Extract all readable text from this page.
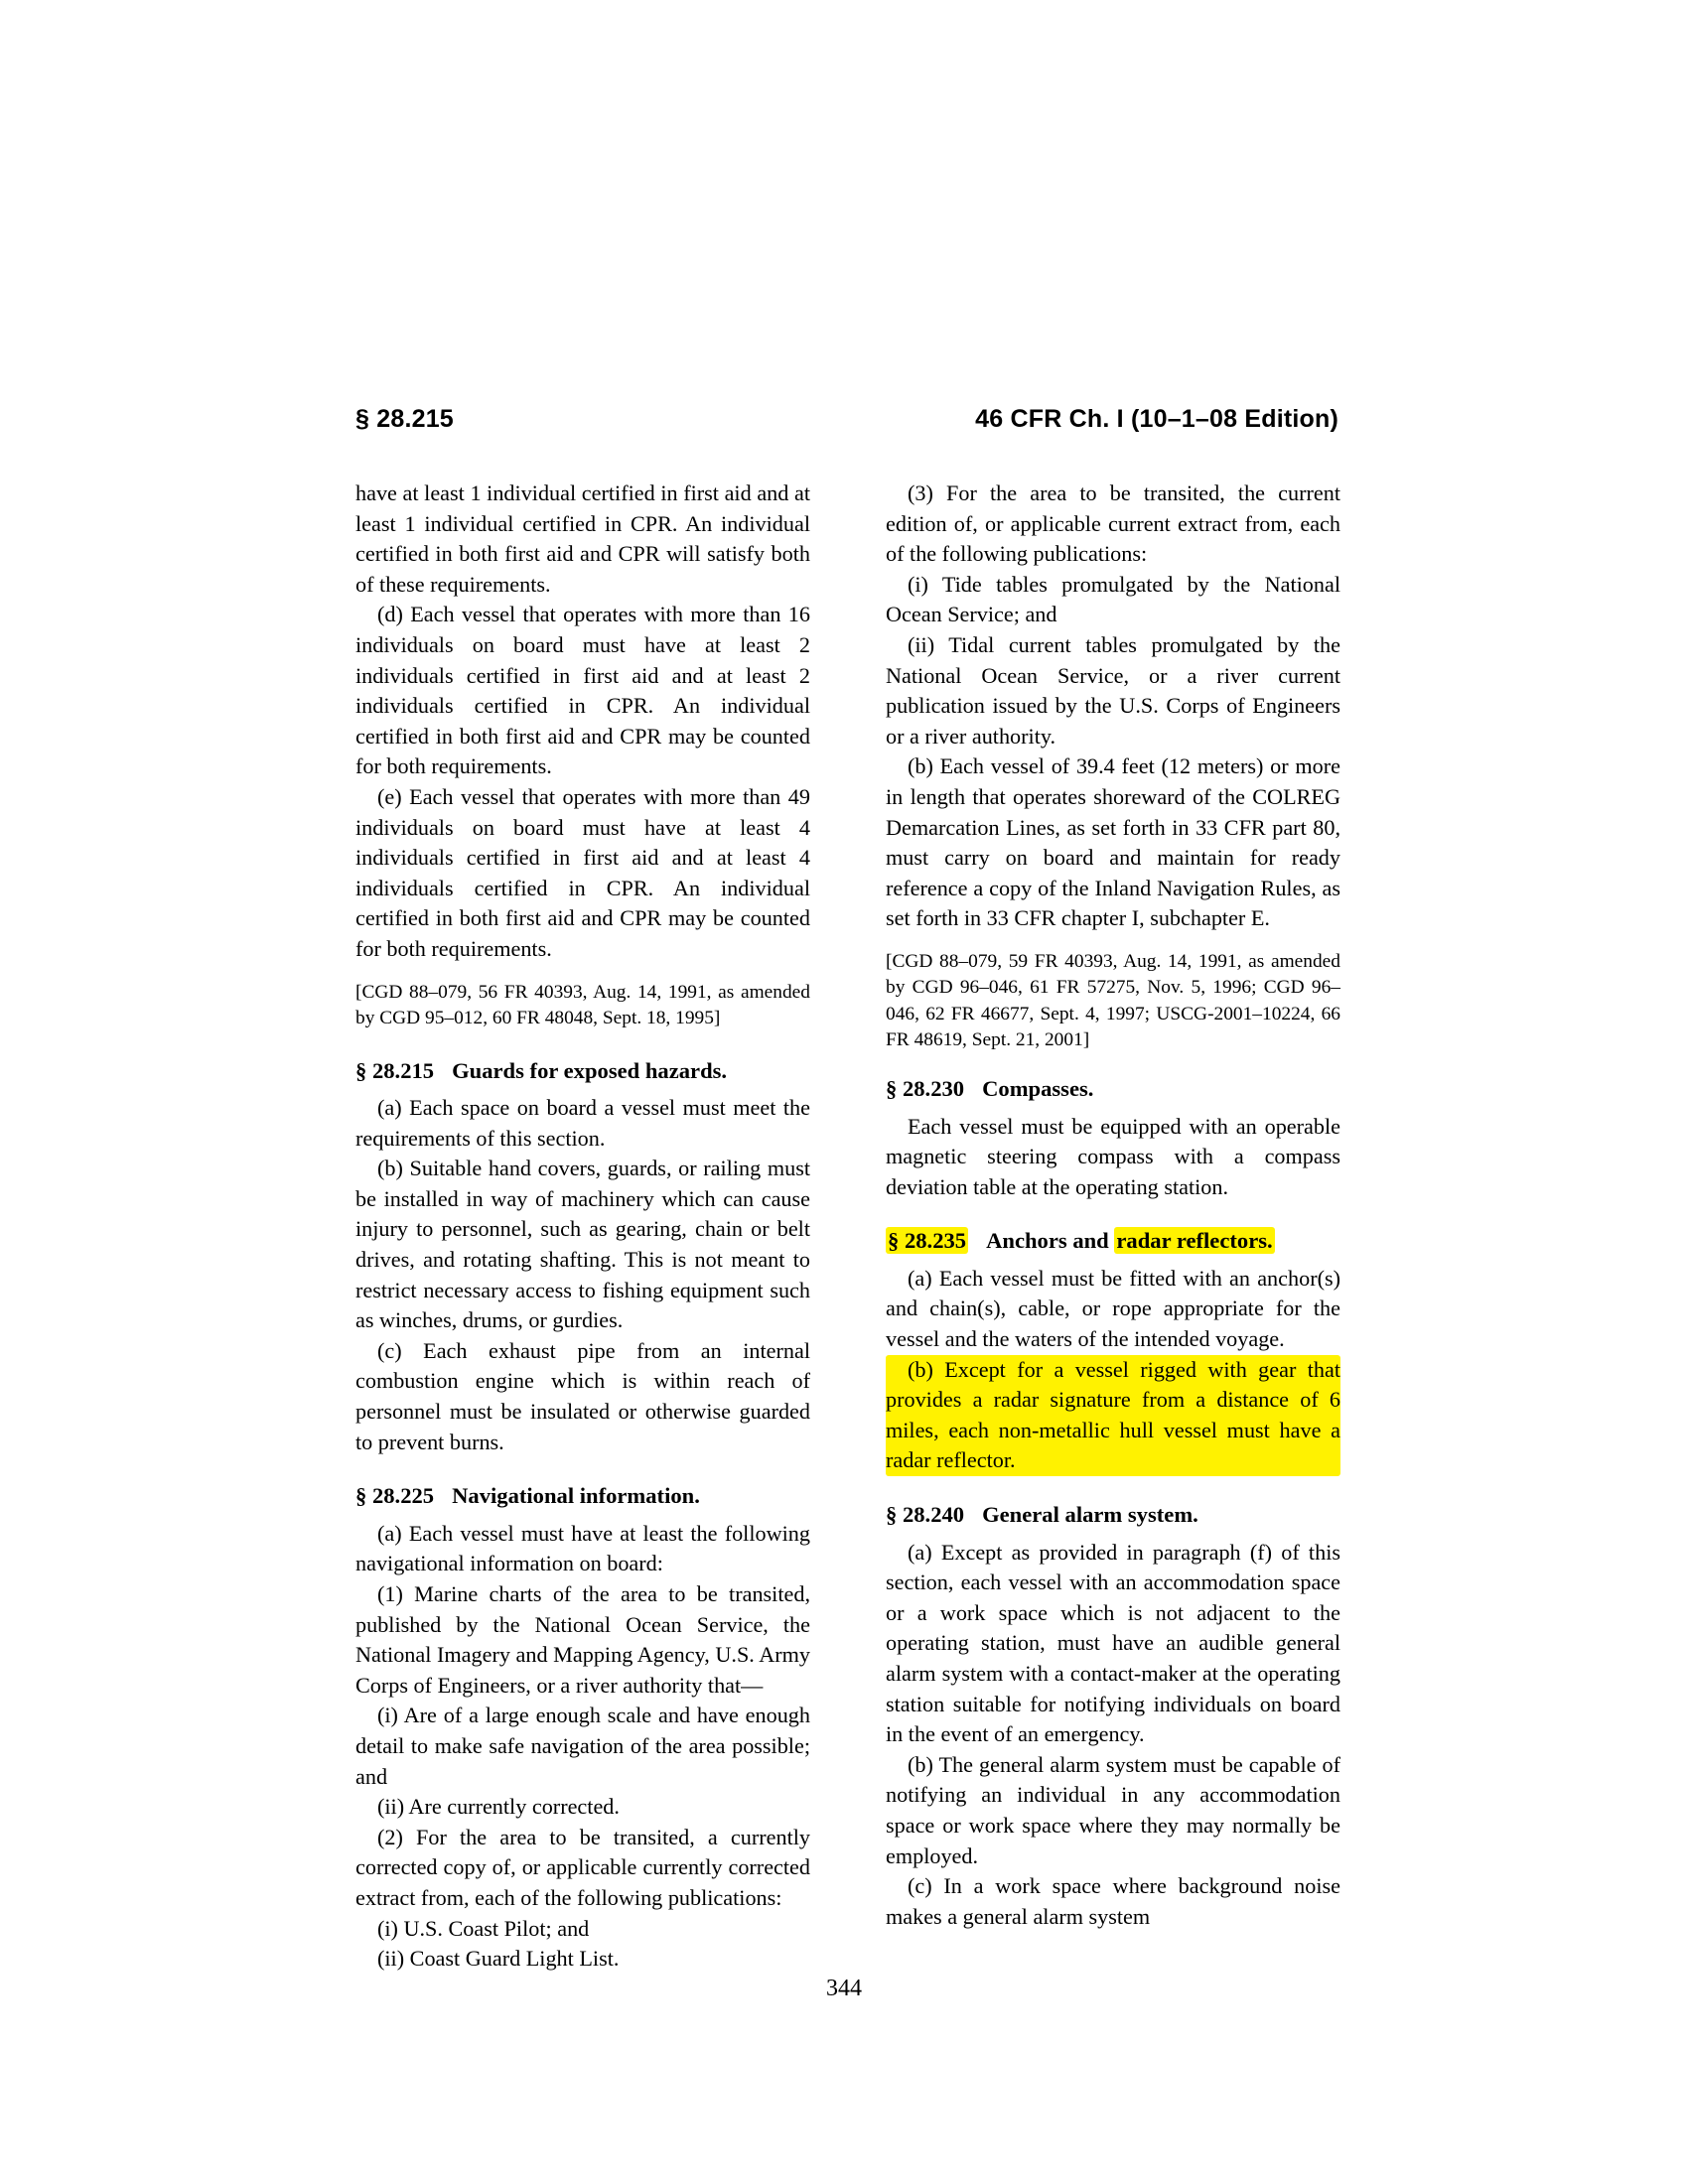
§ 28.215	46 CFR Ch. I (10–1–08 Edition)

have at least 1 individual certified in first aid and at least 1 individual certified in CPR. An individual certified in both first aid and CPR will satisfy both of these requirements.

(d) Each vessel that operates with more than 16 individuals on board must have at least 2 individuals certified in first aid and at least 2 individuals certified in CPR. An individual certified in both first aid and CPR may be counted for both requirements.

(e) Each vessel that operates with more than 49 individuals on board must have at least 4 individuals certified in first aid and at least 4 individuals certified in CPR. An individual certified in both first aid and CPR may be counted for both requirements.

[CGD 88–079, 56 FR 40393, Aug. 14, 1991, as amended by CGD 95–012, 60 FR 48048, Sept. 18, 1995]

§ 28.215 Guards for exposed hazards.

(a) Each space on board a vessel must meet the requirements of this section.

(b) Suitable hand covers, guards, or railing must be installed in way of machinery which can cause injury to personnel, such as gearing, chain or belt drives, and rotating shafting. This is not meant to restrict necessary access to fishing equipment such as winches, drums, or gurdies.

(c) Each exhaust pipe from an internal combustion engine which is within reach of personnel must be insulated or otherwise guarded to prevent burns.

§ 28.225 Navigational information.

(a) Each vessel must have at least the following navigational information on board:

(1) Marine charts of the area to be transited, published by the National Ocean Service, the National Imagery and Mapping Agency, U.S. Army Corps of Engineers, or a river authority that—

(i) Are of a large enough scale and have enough detail to make safe navigation of the area possible; and

(ii) Are currently corrected.

(2) For the area to be transited, a currently corrected copy of, or applicable currently corrected extract from, each of the following publications:

(i) U.S. Coast Pilot; and

(ii) Coast Guard Light List.

(3) For the area to be transited, the current edition of, or applicable current extract from, each of the following publications:

(i) Tide tables promulgated by the National Ocean Service; and

(ii) Tidal current tables promulgated by the National Ocean Service, or a river current publication issued by the U.S. Corps of Engineers or a river authority.

(b) Each vessel of 39.4 feet (12 meters) or more in length that operates shoreward of the COLREG Demarcation Lines, as set forth in 33 CFR part 80, must carry on board and maintain for ready reference a copy of the Inland Navigation Rules, as set forth in 33 CFR chapter I, subchapter E.

[CGD 88–079, 59 FR 40393, Aug. 14, 1991, as amended by CGD 96–046, 61 FR 57275, Nov. 5, 1996; CGD 96–046, 62 FR 46677, Sept. 4, 1997; USCG-2001–10224, 66 FR 48619, Sept. 21, 2001]

§ 28.230 Compasses.

Each vessel must be equipped with an operable magnetic steering compass with a compass deviation table at the operating station.

§ 28.235 Anchors and radar reflectors.

(a) Each vessel must be fitted with an anchor(s) and chain(s), cable, or rope appropriate for the vessel and the waters of the intended voyage.

(b) Except for a vessel rigged with gear that provides a radar signature from a distance of 6 miles, each non-metallic hull vessel must have a radar reflector.

§ 28.240 General alarm system.

(a) Except as provided in paragraph (f) of this section, each vessel with an accommodation space or a work space which is not adjacent to the operating station, must have an audible general alarm system with a contact-maker at the operating station suitable for notifying individuals on board in the event of an emergency.

(b) The general alarm system must be capable of notifying an individual in any accommodation space or work space where they may normally be employed.

(c) In a work space where background noise makes a general alarm system

344
